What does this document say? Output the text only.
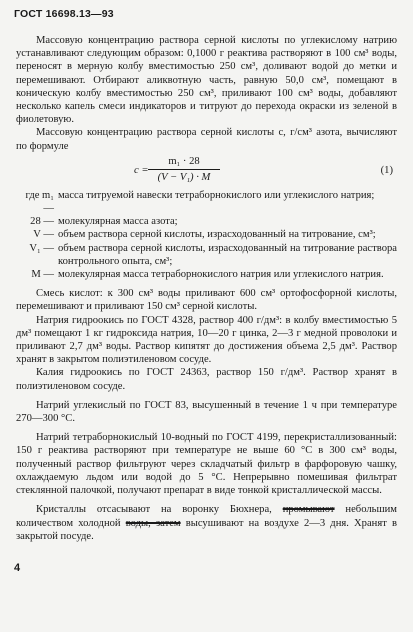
ГОСТ 16698.13—93

Массовую концентрацию раствора серной кислоты по углекислому натрию устанавливают следующим образом: 0,1000 г реактива растворяют в 100 см³ воды, переносят в мерную колбу вместимостью 250 см³, доливают водой до метки и перемешивают. Отбирают аликвотную часть, равную 50,0 см³, помещают в коническую колбу вместимостью 250 см³, приливают 100 см³ воды, добавляют несколько капель смеси индикаторов и титруют до перехода окраски из зеленой в фиолетовую.

Массовую концентрацию раствора серной кислоты c, г/см³ азота, вычисляют по формуле

$c = \frac{\text{m₁ · 28}}{\text{(V − V₁) · M}}$	(1)
где m₁ —
масса титруемой навески тетраборнокислого или углекислого натрия;
28 — молекулярная масса азота;
V — объем раствора серной кислоты, израсходованный на титрование, см³;
V₁ — объем раствора серной кислоты, израсходованный на титрование раствора контрольного опыта, см³;
M — молекулярная масса тетраборнокислого натрия или углекислого натрия.

Смесь кислот: к 300 см³ воды приливают 600 см³ ортофосфорной кислоты, перемешивают и приливают 150 см³ серной кислоты.

Натрия гидроокись по ГОСТ 4328, раствор 400 г/дм³: в колбу вместимостью 5 дм³ помещают 1 кг гидроксида натрия, 10—20 г цинка, 2—3 г медной проволоки и приливают 2,7 дм³ воды. Раствор кипятят до достижения объема 2,5 дм³. Раствор хранят в закрытом полиэтиленовом сосуде.

Калия гидроокись по ГОСТ 24363, раствор 150 г/дм³. Раствор хранят в полиэтиленовом сосуде.

Натрий углекислый по ГОСТ 83, высушенный в течение 1 ч при температуре 270—300 °С.

Натрий тетраборнокислый 10-водный по ГОСТ 4199, перекристаллизованный: 150 г реактива растворяют при температуре не выше 60 °С в 300 см³ воды, полученный раствор фильтруют через складчатый фильтр в фарфоровую чашку, охлаждаемую льдом или водой до 5 °С. Непрерывно помешивая фильтрат стеклянной палочкой, получают препарат в виде тонкой кристаллической массы.

Кристаллы отсасывают на воронку Бюхнера, промывают небольшим количеством холодной воды, затем высушивают на воздухе 2—3 дня. Хранят в закрытой посуде.

4
